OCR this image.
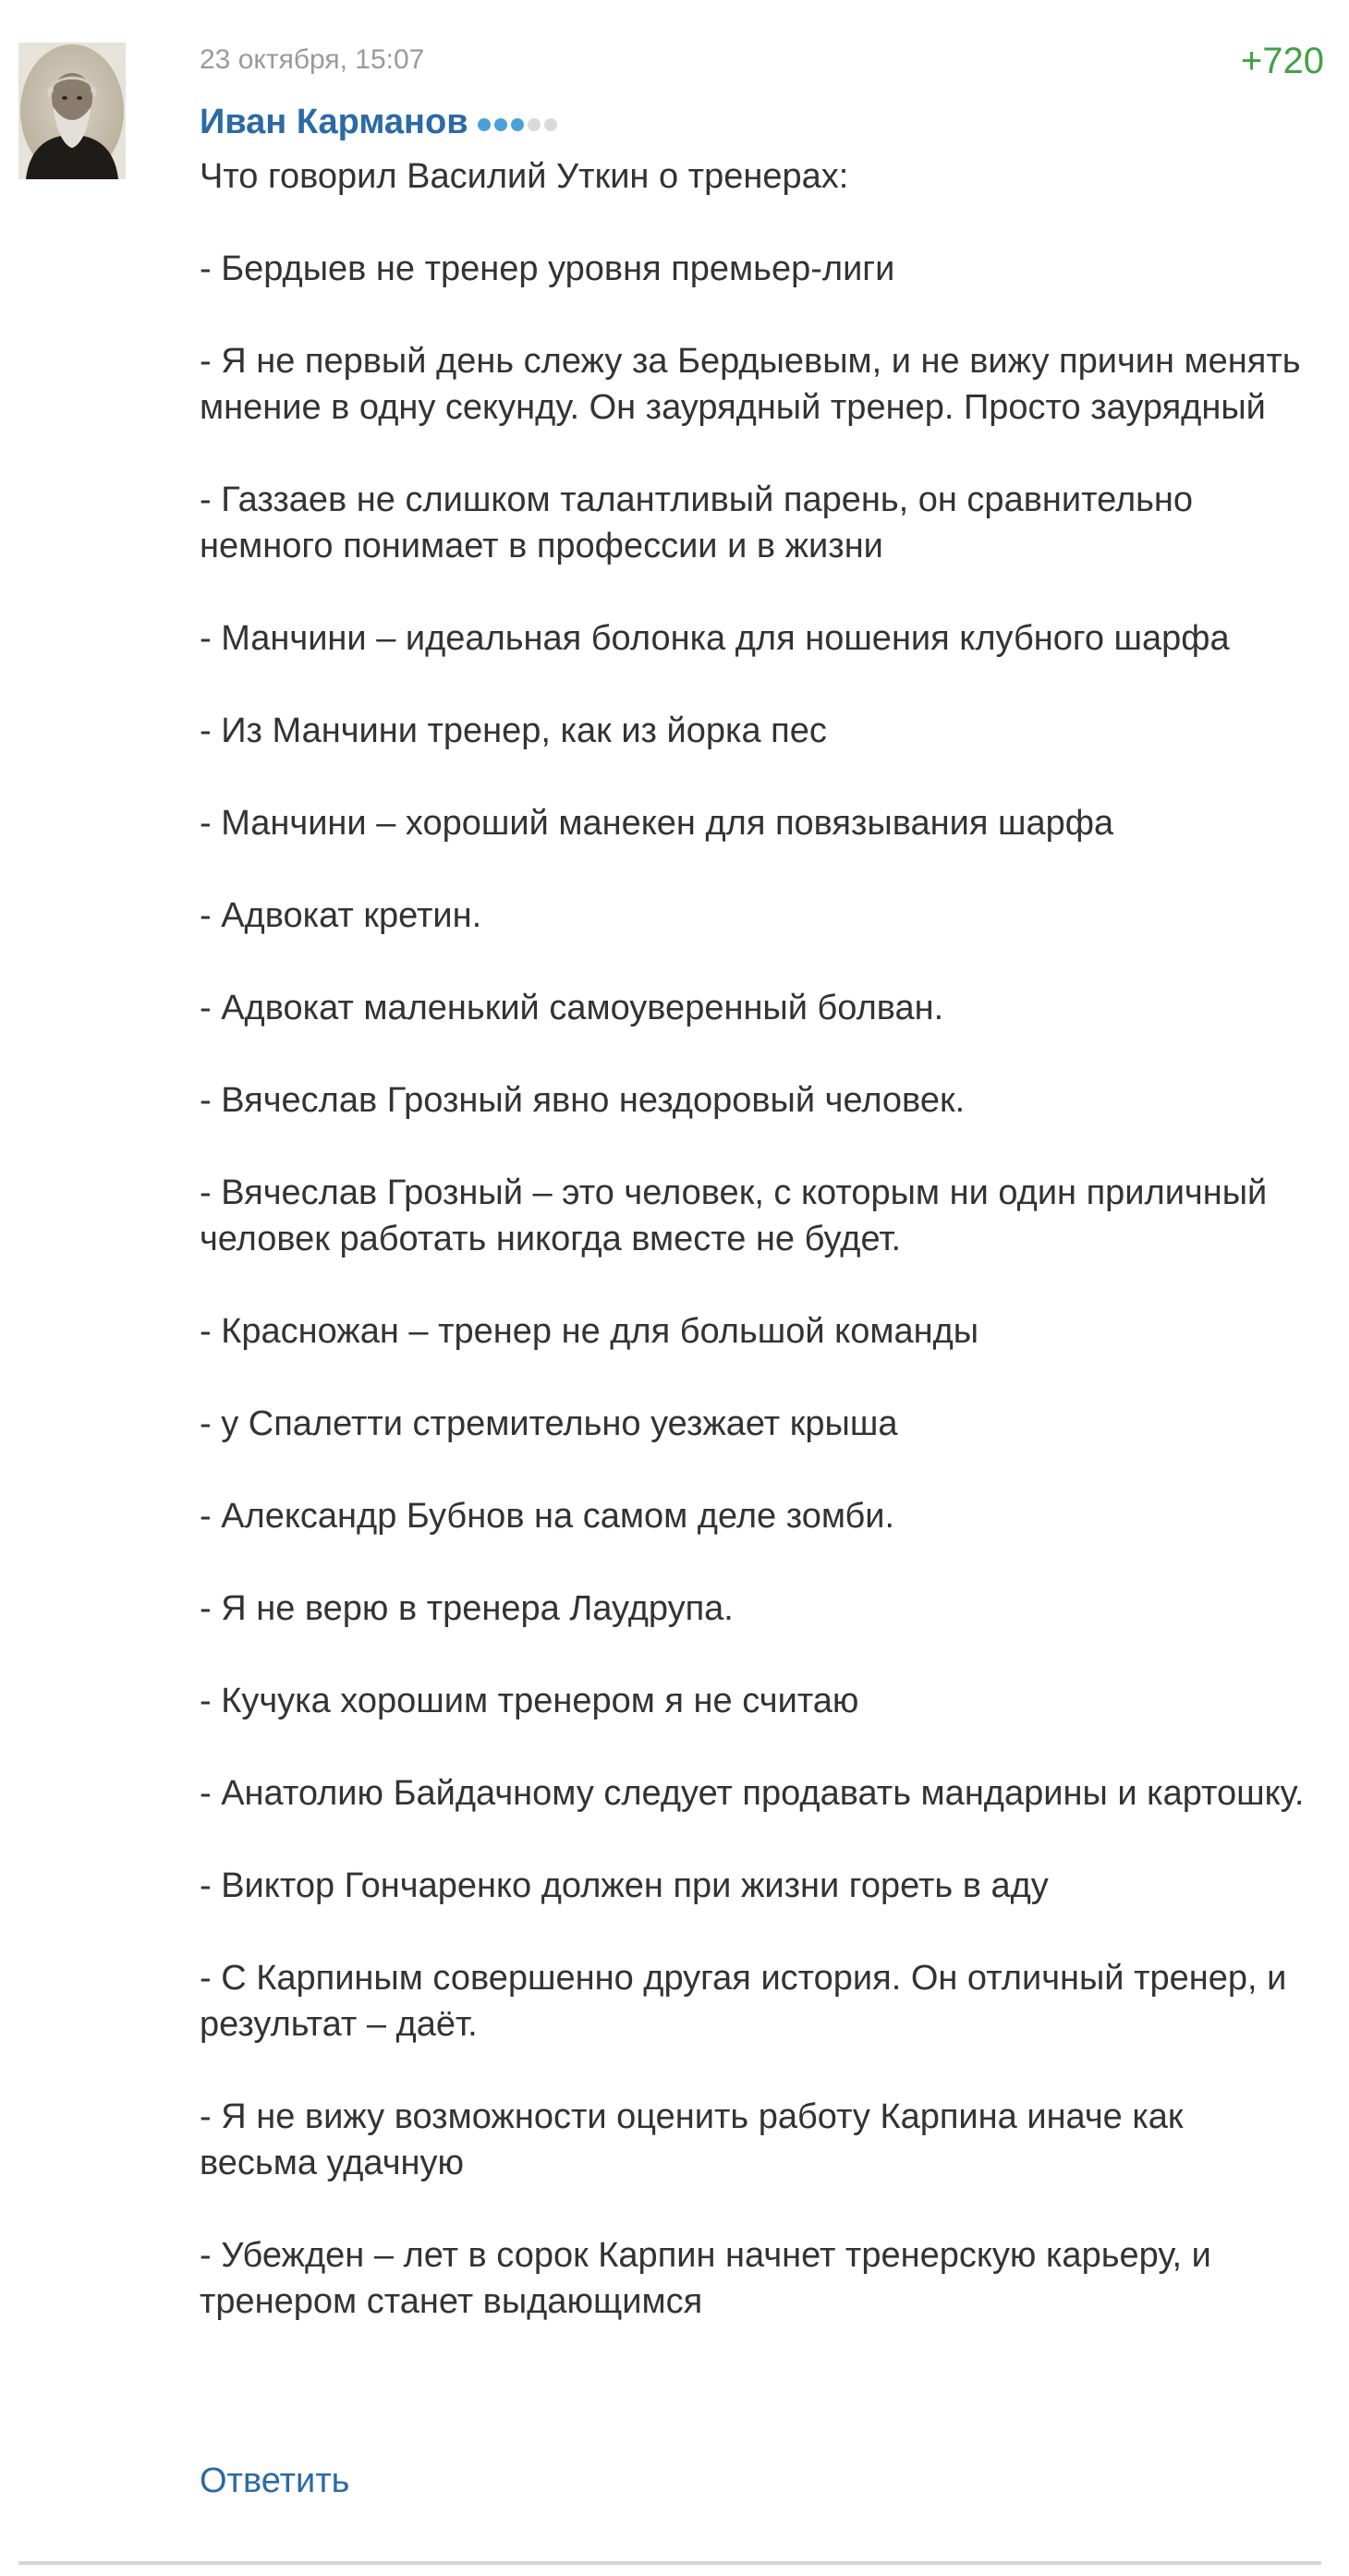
23 октября, 15:07	+720
Иван Карманов

Что говорил Василий Уткин о тренерах:

- Бердыев не тренер уровня премьер-лиги

- Я не первый день слежу за Бердыевым, и не вижу причин менять мнение в одну секунду. Он заурядный тренер. Просто заурядный

- Газзаев не слишком талантливый парень, он сравнительно немного понимает в профессии и в жизни

- Манчини – идеальная болонка для ношения клубного шарфа

- Из Манчини тренер, как из йорка пес

- Манчини – хороший манекен для повязывания шарфа

- Адвокат кретин.

- Адвокат маленький самоуверенный болван.

- Вячеслав Грозный явно нездоровый человек.

- Вячеслав Грозный – это человек, с которым ни один приличный человек работать никогда вместе не будет.

- Красножан – тренер не для большой команды

- у Спалетти стремительно уезжает крыша

- Александр Бубнов на самом деле зомби.

- Я не верю в тренера Лаудрупа.

- Кучука хорошим тренером я не считаю

- Анатолию Байдачному следует продавать мандарины и картошку.

- Виктор Гончаренко должен при жизни гореть в аду

- С Карпиным совершенно другая история. Он отличный тренер, и результат – даёт.

- Я не вижу возможности оценить работу Карпина иначе как весьма удачную

- Убежден – лет в сорок Карпин начнет тренерскую карьеру, и тренером станет выдающимся

Ответить
